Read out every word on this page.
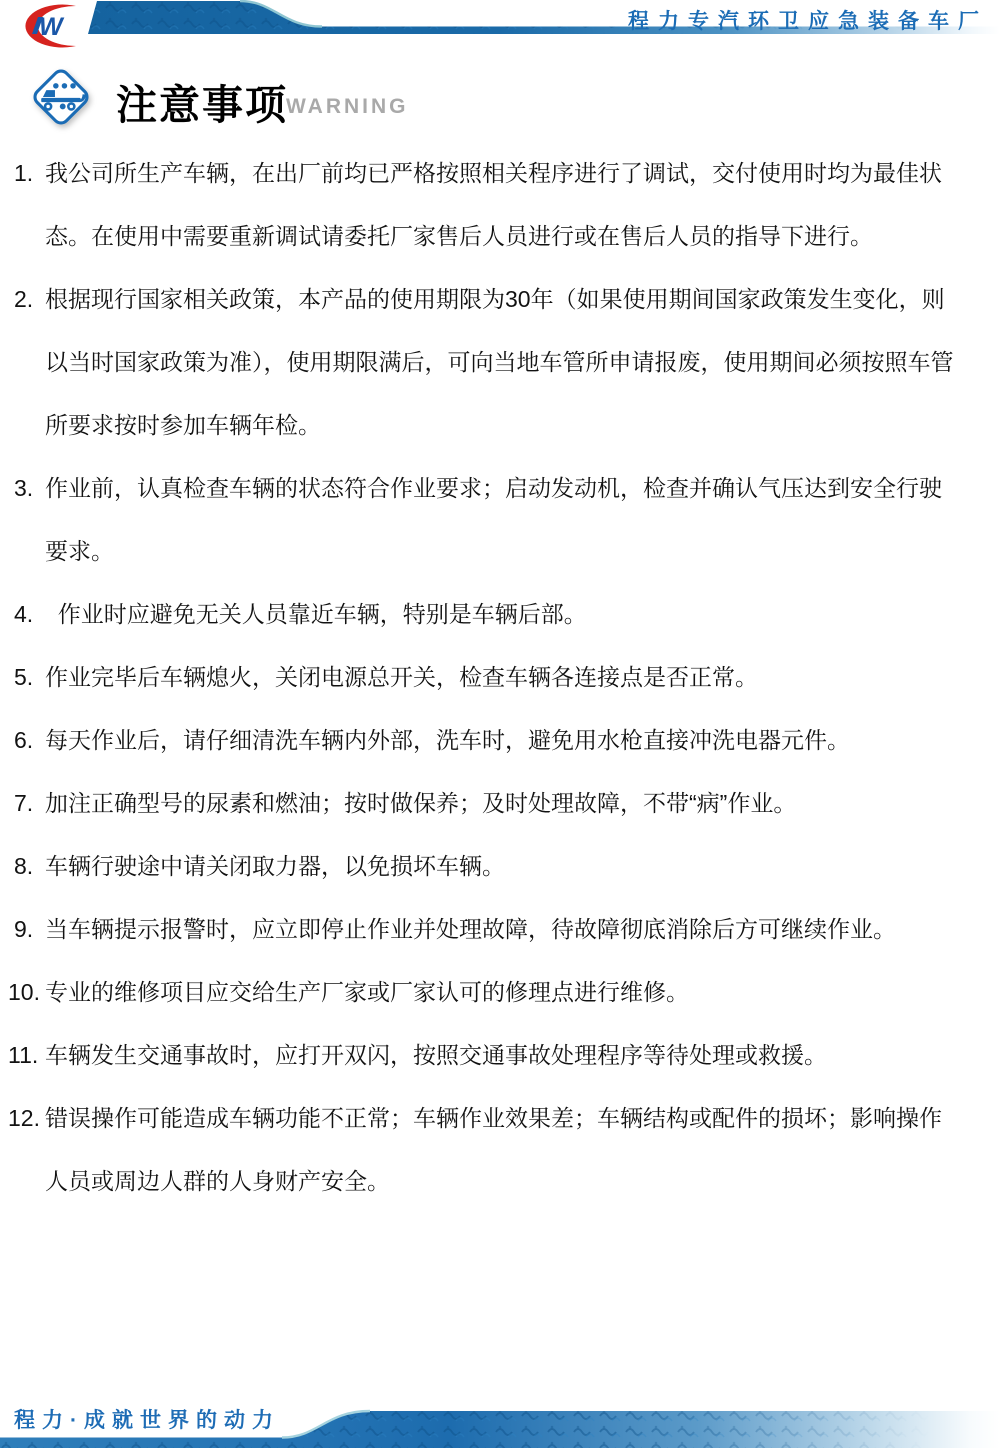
W	程力专汽环卫应急装备车厂
注意事项
WARNING
1. 我公司所生产车辆，在出厂前均已严格按照相关程序进行了调试，交付使用时均为最佳状态。在使用中需要重新调试请委托厂家售后人员进行或在售后人员的指导下进行。
2. 根据现行国家相关政策，本产品的使用期限为30年（如果使用期间国家政策发生变化，则以当时国家政策为准），使用期限满后，可向当地车管所申请报废，使用期间必须按照车管所要求按时参加车辆年检。
3. 作业前，认真检查车辆的状态符合作业要求；启动发动机，检查并确认气压达到安全行驶要求。
4. 作业时应避免无关人员靠近车辆，特别是车辆后部。
5. 作业完毕后车辆熄火，关闭电源总开关，检查车辆各连接点是否正常。
6. 每天作业后，请仔细清洗车辆内外部，洗车时，避免用水枪直接冲洗电器元件。
7. 加注正确型号的尿素和燃油；按时做保养；及时处理故障，不带“病”作业。
8. 车辆行驶途中请关闭取力器，以免损坏车辆。
9. 当车辆提示报警时，应立即停止作业并处理故障，待故障彻底消除后方可继续作业。
10. 专业的维修项目应交给生产厂家或厂家认可的修理点进行维修。
11. 车辆发生交通事故时，应打开双闪，按照交通事故处理程序等待处理或救援。
12. 错误操作可能造成车辆功能不正常；车辆作业效果差；车辆结构或配件的损坏；影响操作人员或周边人群的人身财产安全。
程力·成就世界的动力
